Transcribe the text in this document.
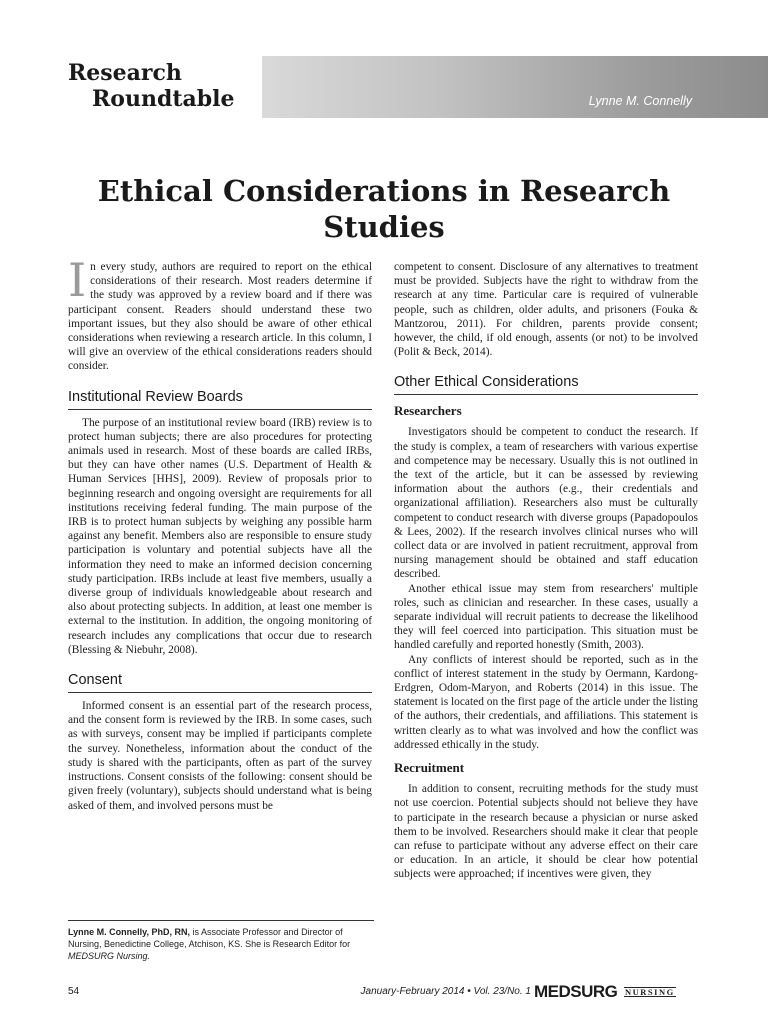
Research
Roundtable	Lynne M. Connelly
Ethical Considerations in Research Studies

In every study, authors are required to report on the ethical considerations of their research. Most readers determine if the study was approved by a review board and if there was participant consent. Readers should understand these two important issues, but they also should be aware of other ethical considerations when reviewing a research article. In this column, I will give an overview of the ethical considerations readers should consider.

Institutional Review Boards

The purpose of an institutional review board (IRB) review is to protect human subjects; there are also procedures for protecting animals used in research. Most of these boards are called IRBs, but they can have other names (U.S. Department of Health & Human Services [HHS], 2009). Review of proposals prior to beginning research and ongoing oversight are requirements for all institutions receiving federal funding. The main purpose of the IRB is to protect human subjects by weighing any possible harm against any benefit. Members also are responsible to ensure study participation is voluntary and potential subjects have all the information they need to make an informed decision concerning study participation. IRBs include at least five members, usually a diverse group of individuals knowledgeable about research and also about protecting subjects. In addition, at least one member is external to the institution. In addition, the ongoing monitoring of research includes any complications that occur due to research (Blessing & Niebuhr, 2008).

Consent

Informed consent is an essential part of the research process, and the consent form is reviewed by the IRB. In some cases, such as with surveys, consent may be implied if participants complete the survey. Nonetheless, information about the conduct of the study is shared with the participants, often as part of the survey instructions. Consent consists of the following: consent should be given freely (voluntary), subjects should understand what is being asked of them, and involved persons must be

competent to consent. Disclosure of any alternatives to treatment must be provided. Subjects have the right to withdraw from the research at any time. Particular care is required of vulnerable people, such as children, older adults, and prisoners (Fouka & Mantzorou, 2011). For children, parents provide consent; however, the child, if old enough, assents (or not) to be involved (Polit & Beck, 2014).

Other Ethical Considerations
Researchers

Investigators should be competent to conduct the research. If the study is complex, a team of researchers with various expertise and competence may be necessary. Usually this is not outlined in the text of the article, but it can be assessed by reviewing information about the authors (e.g., their credentials and organizational affiliation). Researchers also must be culturally competent to conduct research with diverse groups (Papadopoulos & Lees, 2002). If the research involves clinical nurses who will collect data or are involved in patient recruitment, approval from nursing management should be obtained and staff education described.

Another ethical issue may stem from researchers' multiple roles, such as clinician and researcher. In these cases, usually a separate individual will recruit patients to decrease the likelihood they will feel coerced into participation. This situation must be handled carefully and reported honestly (Smith, 2003).

Any conflicts of interest should be reported, such as in the conflict of interest statement in the study by Oermann, Kardong-Erdgren, Odom-Maryon, and Roberts (2014) in this issue. The statement is located on the first page of the article under the listing of the authors, their credentials, and affiliations. This statement is written clearly as to what was involved and how the conflict was addressed ethically in the study.

Recruitment

In addition to consent, recruiting methods for the study must not use coercion. Potential subjects should not believe they have to participate in the research because a physician or nurse asked them to be involved. Researchers should make it clear that people can refuse to participate without any adverse effect on their care or education. In an article, it should be clear how potential subjects were approached; if incentives were given, they

Lynne M. Connelly, PhD, RN, is Associate Professor and Director of Nursing, Benedictine College, Atchison, KS. She is Research Editor for MEDSURG Nursing.
54	January-February 2014 • Vol. 23/No. 1 MEDSURG NURSING
